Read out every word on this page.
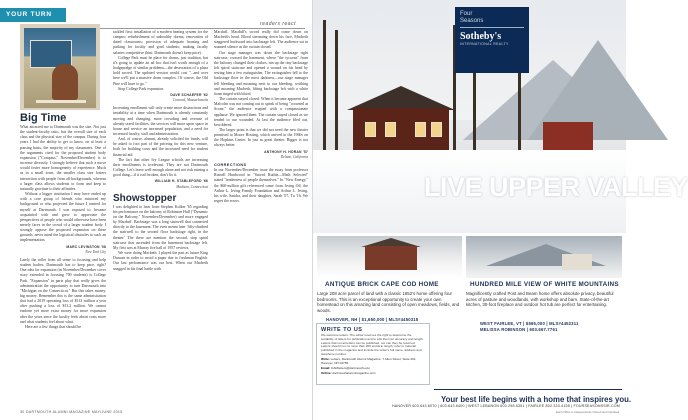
YOUR TURN
readers react
Big Time

What attracted me to Dartmouth was the size. Not just the student-faculty ratio, but the overall size of each class and the physical size of the campus. During four years I had the ability to get to know, on at least a passing basis, the majority of my classmates. One of the arguments cited for the proposed student body expansion ("Compass," November/December) is to increase diversity. I strongly believe that such a move would foster more homogeneity of experience. Much as in a small town, the smaller class size fosters interaction with people from all backgrounds, whereas a larger class allows students to form and keep to naturally gravitate to their affinities.

Without a bigger institution I may have ended up with a core group of friends who mirrored my background or who projected the future I wanted for myself at Dartmouth. I was exposed to, became acquainted with and grew to appreciate the perspectives of people who would otherwise have been merely faces in the crowd of a larger student body. I strongly oppose the proposed expansion on these grounds, never mind the logistical obstacles to such an implementation.

MARC LEVINSTON '08
New York City

Lately the roller from all sense to focusing and help student bodies. Dartmouth has to keep pace, right? One idea for expansion (in November/December cover story extended in focusing 700 students) is College Park. "Expansion" in parts play that really gives the administration the opportunity to turn Dartmouth into "Michigan on the Connecticut." But this takes money, big money. Remember this is the same administration that had a 2019 operating loss of $112 million a year after pushing a loss of $13.2 million. We cannot endorse yet more extra money for more expansion after the years since the faculty feels about costs more and what students feel about what.

Here are a few things that should be

tackled first: installation of a modern heating system for the campus; refurbishment of unhealthy dorms; renovation of dated classrooms; provision of adequate housing and parking for faculty and grad students; making faculty salaries competitive (hint: Dartmouth doesn't keep pace).

College Park must be place for dorms, just tradition, but it's going to update an ad hoc that isn't worth enough of a hodgepodge of similar problems—the desecration of a plaza hold sacred. The updated version would cost "...and over here we'll put a massive dorm complex. Of course, the Old Pine will have to go."

Stop College Park expansion.

DAVE SCHAEFER '62
Concord, Massachusetts

Increasing enrollment will only create more distractions and instability at a time when Dartmouth is already constantly moving and changing, more crowding and overuse of already taxed facilities, the services will more upon space in house and service an increased population, and a need for increased faculty, staff and administration.

And, of course, alumni, already solicited for funds, will be asked to foot part of the pricetag for this new venture, both for building costs and the increased need for student financial aid.

The fact that other Ivy League schools are increasing their enrollments is irrelevant. They are not Dartmouth College. Let's leave well enough alone and not risk ruining a good thing—if it isn't broken, don't fix it.

WILLIAM H. STABLEFORD '66
Madison, Connecticut
Showstopper

I was delighted to hear from Stephen Kolker '65 regarding his performance on the balcony of Robinson Hall ("Dynamic on the Balcony," November/December) and more engaged by Macduff. Backstage was a long stairwell that connected directly to the basement. The even meant later 'fifty-climbed the stairwell to the second floor backstage right, in the theater.' The there are mention the second, stop spiral staircase that ascended from the basement backstage left. My first was at Murray fire hall of 1957 reviews.

We were doing Macbeth. I played the part as future King Duncan in order to avoid a paper due to freshman English. Our last performance was our best. When our Macbeth snagged in his final battle with

Macduff, Macduff's sword really did come down on Macbeth's head. Blood streaming down his face, Macbeth staggered backward into backstage left. The audience sat in stunned silence as the curtain closed.

Our stage manager was down the backstage right staircase, crossed the basement, where "the tycoons" from the balcony changed their clothes, ran up the tiny backstage left spiral staircase and opened a wound on his head by resting him a few extinguisher. The extinguisher fell to the backstage floor in the most darkness—our stage manager fell bleeding and moaning next to our bleeding, writhing and moaning Macbeth, lifting backstage left with a white foam tinged with blood.

The curtain stayed closed. When it became apparent that Malcolm was not coming out to speak of being "crowned at Scone," the audience erupted with a compassionate applause. We ignored them. The curtain stayed closed as we tended to our wounded. At last the audience filed out, bewildered.

The larger point is that we did not need the new theater promised to Moore Hosting, which arrived in the 1960s on the Hopkins Center. In just as great theater. Bigger is not always better.

ANTHONY H. HORAN '57
Delano, California
CORRECTIONS

In our November/December issue the essay from professor Russell Hardwood in "Sacred Ruthie—Math Selected" stated "tenderness of people themselves." In "New Energy," the $60-million gift referenced came from Irving Oil, the Arthur L. Irving Family Foundation and Arthur L. Irving, his wife, Sandra, and their daughter, Sarah '07, Tu '16. We regret the errors.

30 DARTMOUTH ALUMNI MAGAZINE MAY/JUNE 2015
Four
Seasons
Sotheby's
INTERNATIONAL REALTY
LIVE UPPER VALLEY
ANTIQUE BRICK CAPE COD HOME
Large 208 acre parcel of land with a classic 1852's home offering four bedrooms. This is an exceptional opportunity to create your own homestead on this amazing land consisting of open meadows, fields, and woods.
HANOVER, NH | $1,650,000 | MLS#4450315
HUNDRED MILE VIEW OF WHITE MOUNTAINS
Magnificently crafted Post and Beam home offers absolute privacy, beautiful acres of pasture and woodlands, with workshop and barn. State-of-the-art kitchen, 30-foot fireplace and outdoor hot tub are perfect for entertaining.
WEST FAIRLEE, VT | $565,000 | MLS#4452311
MELISSA ROBINSON | 603.667.7761
WRITE TO US
We welcome letters. The editor reserves the right to determine the suitability of letters for publication and to edit them for accuracy and length. Letters that not all letters can be published, nor can they be returned. Letters should run no more than 200 words in length, refer to material published in the magazine and include the writer's full name, address and telephone number.
Write: Letters, Dartmouth Alumni Magazine, 7 Allen Street, Suite 201, Hanover, NH 03755
Email: DAMletters@dartmouth.edu
Online: dartmouthalumnimagazine.com
Your best life begins with a home that inspires you.
HANOVER 603.643.6070 | 603.643.6400 | WEST LEBANON 603.298.5351 | FAIRLEE 802.333.4155 | FOURSEASONSSIR.COM
Each Office is Independently Owned and Operated.
